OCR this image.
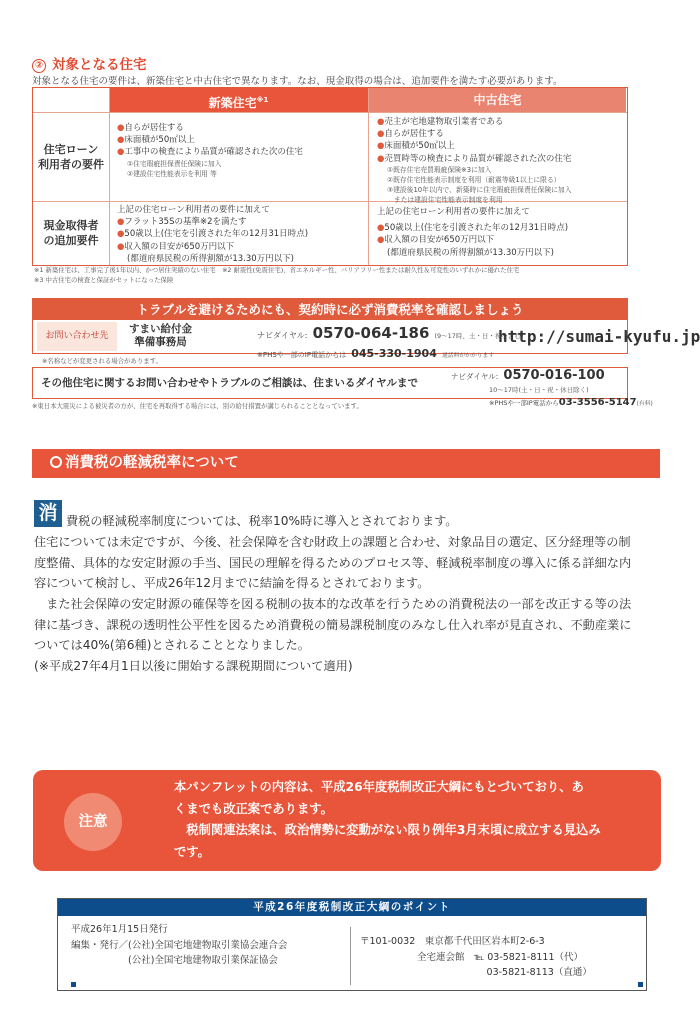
② 対象となる住宅
対象となる住宅の要件は、新築住宅と中古住宅で異なります。なお、現金取得の場合は、追加要件を満たす必要があります。
新築住宅$^{※1}$	中古住宅
住宅ローン
利用者の要件
現金取得者
の追加要件
●自らが居住する
●床面積が50㎡以上
●工事中の検査により品質が確認された次の住宅
①住宅瑕疵担保責任保険に加入
②建設住宅性能表示を利用 等
●売主が宅地建物取引業者である
●自らが居住する
●床面積が50㎡以上
●売買時等の検査により品質が確認された次の住宅
①既存住宅売買瑕疵保険※3に加入
②既存住宅性能表示制度を利用（耐震等級1以上に限る）
③建設後10年以内で、新築時に住宅瑕疵担保責任保険に加入
　または建設住宅性能表示制度を利用
上記の住宅ローン利用者の要件に加えて
●フラット35Sの基準※2を満たす
●50歳以上(住宅を引渡された年の12月31日時点)
●収入額の目安が650万円以下
(都道府県民税の所得割額が13.30万円以下)
上記の住宅ローン利用者の要件に加えて
●50歳以上(住宅を引渡された年の12月31日時点)
●収入額の目安が650万円以下
(都道府県民税の所得割額が13.30万円以下)
※1 新築住宅は、工事完了後1年以内、かつ居住実績のない住宅　※2 耐震性(免震住宅)、省エネルギー性、バリアフリー性または耐久性＆可変性のいずれかに優れた住宅
※3 中古住宅の検査と保証がセットになった保険
トラブルを避けるためにも、契約時に必ず消費税率を確認しましょう
お問い合わせ先
すまい給付金
準備事務局
ナビダイヤル: 0570-064-186 (9～17時、土・日・祝を含む)
※PHSや一部のIP電話からは 045-330-1904 通話料がかかります
http://sumai-kyufu.jp
※名称などが変更される場合があります。
その他住宅に関するお問い合わせやトラブルのご相談は、住まいるダイヤルまで
ナビダイヤル: 0570-016-100
10～17時(土・日・祝・休日除く)
※PHSや一部IP電話から03-3556-5147(有料)
※東日本大震災による被災者の方が、住宅を再取得する場合には、別の給付措置が講じられることとなっています。
消費税の軽減税率について
消 費税の軽減税率制度については、税率10%時に導入とされております。
住宅については未定ですが、今後、社会保障を含む財政上の課題と合わせ、対象品目の選定、区分経理等の制
度整備、具体的な安定財源の手当、国民の理解を得るためのプロセス等、軽減税率制度の導入に係る詳細な内
容について検討し、平成26年12月までに結論を得るとされております。
　また社会保障の安定財源の確保等を図る税制の抜本的な改革を行うための消費税法の一部を改正する等の法
律に基づき、課税の透明性公平性を図るため消費税の簡易課税制度のみなし仕入れ率が見直され、不動産業に
ついては40%(第6種)とされることとなりました。
(※平成27年4月1日以後に開始する課税期間について適用)
注意
本パンフレットの内容は、平成26年度税制改正大綱にもとづいており、あ
くまでも改正案であります。
　税制関連法案は、政治情勢に変動がない限り例年3月末頃に成立する見込み
です。
平成26年度税制改正大綱のポイント
平成26年1月15日発行
編集・発行／(公社)全国宅地建物取引業協会連合会
　　　　　　(公社)全国宅地建物取引業保証協会
〒101-0032　東京都千代田区岩本町2-6-3
　　　　　　全宅連会館　℡ 03-5821-8111（代）
　　　　　　　　　　　　　 03-5821-8113（直通）
